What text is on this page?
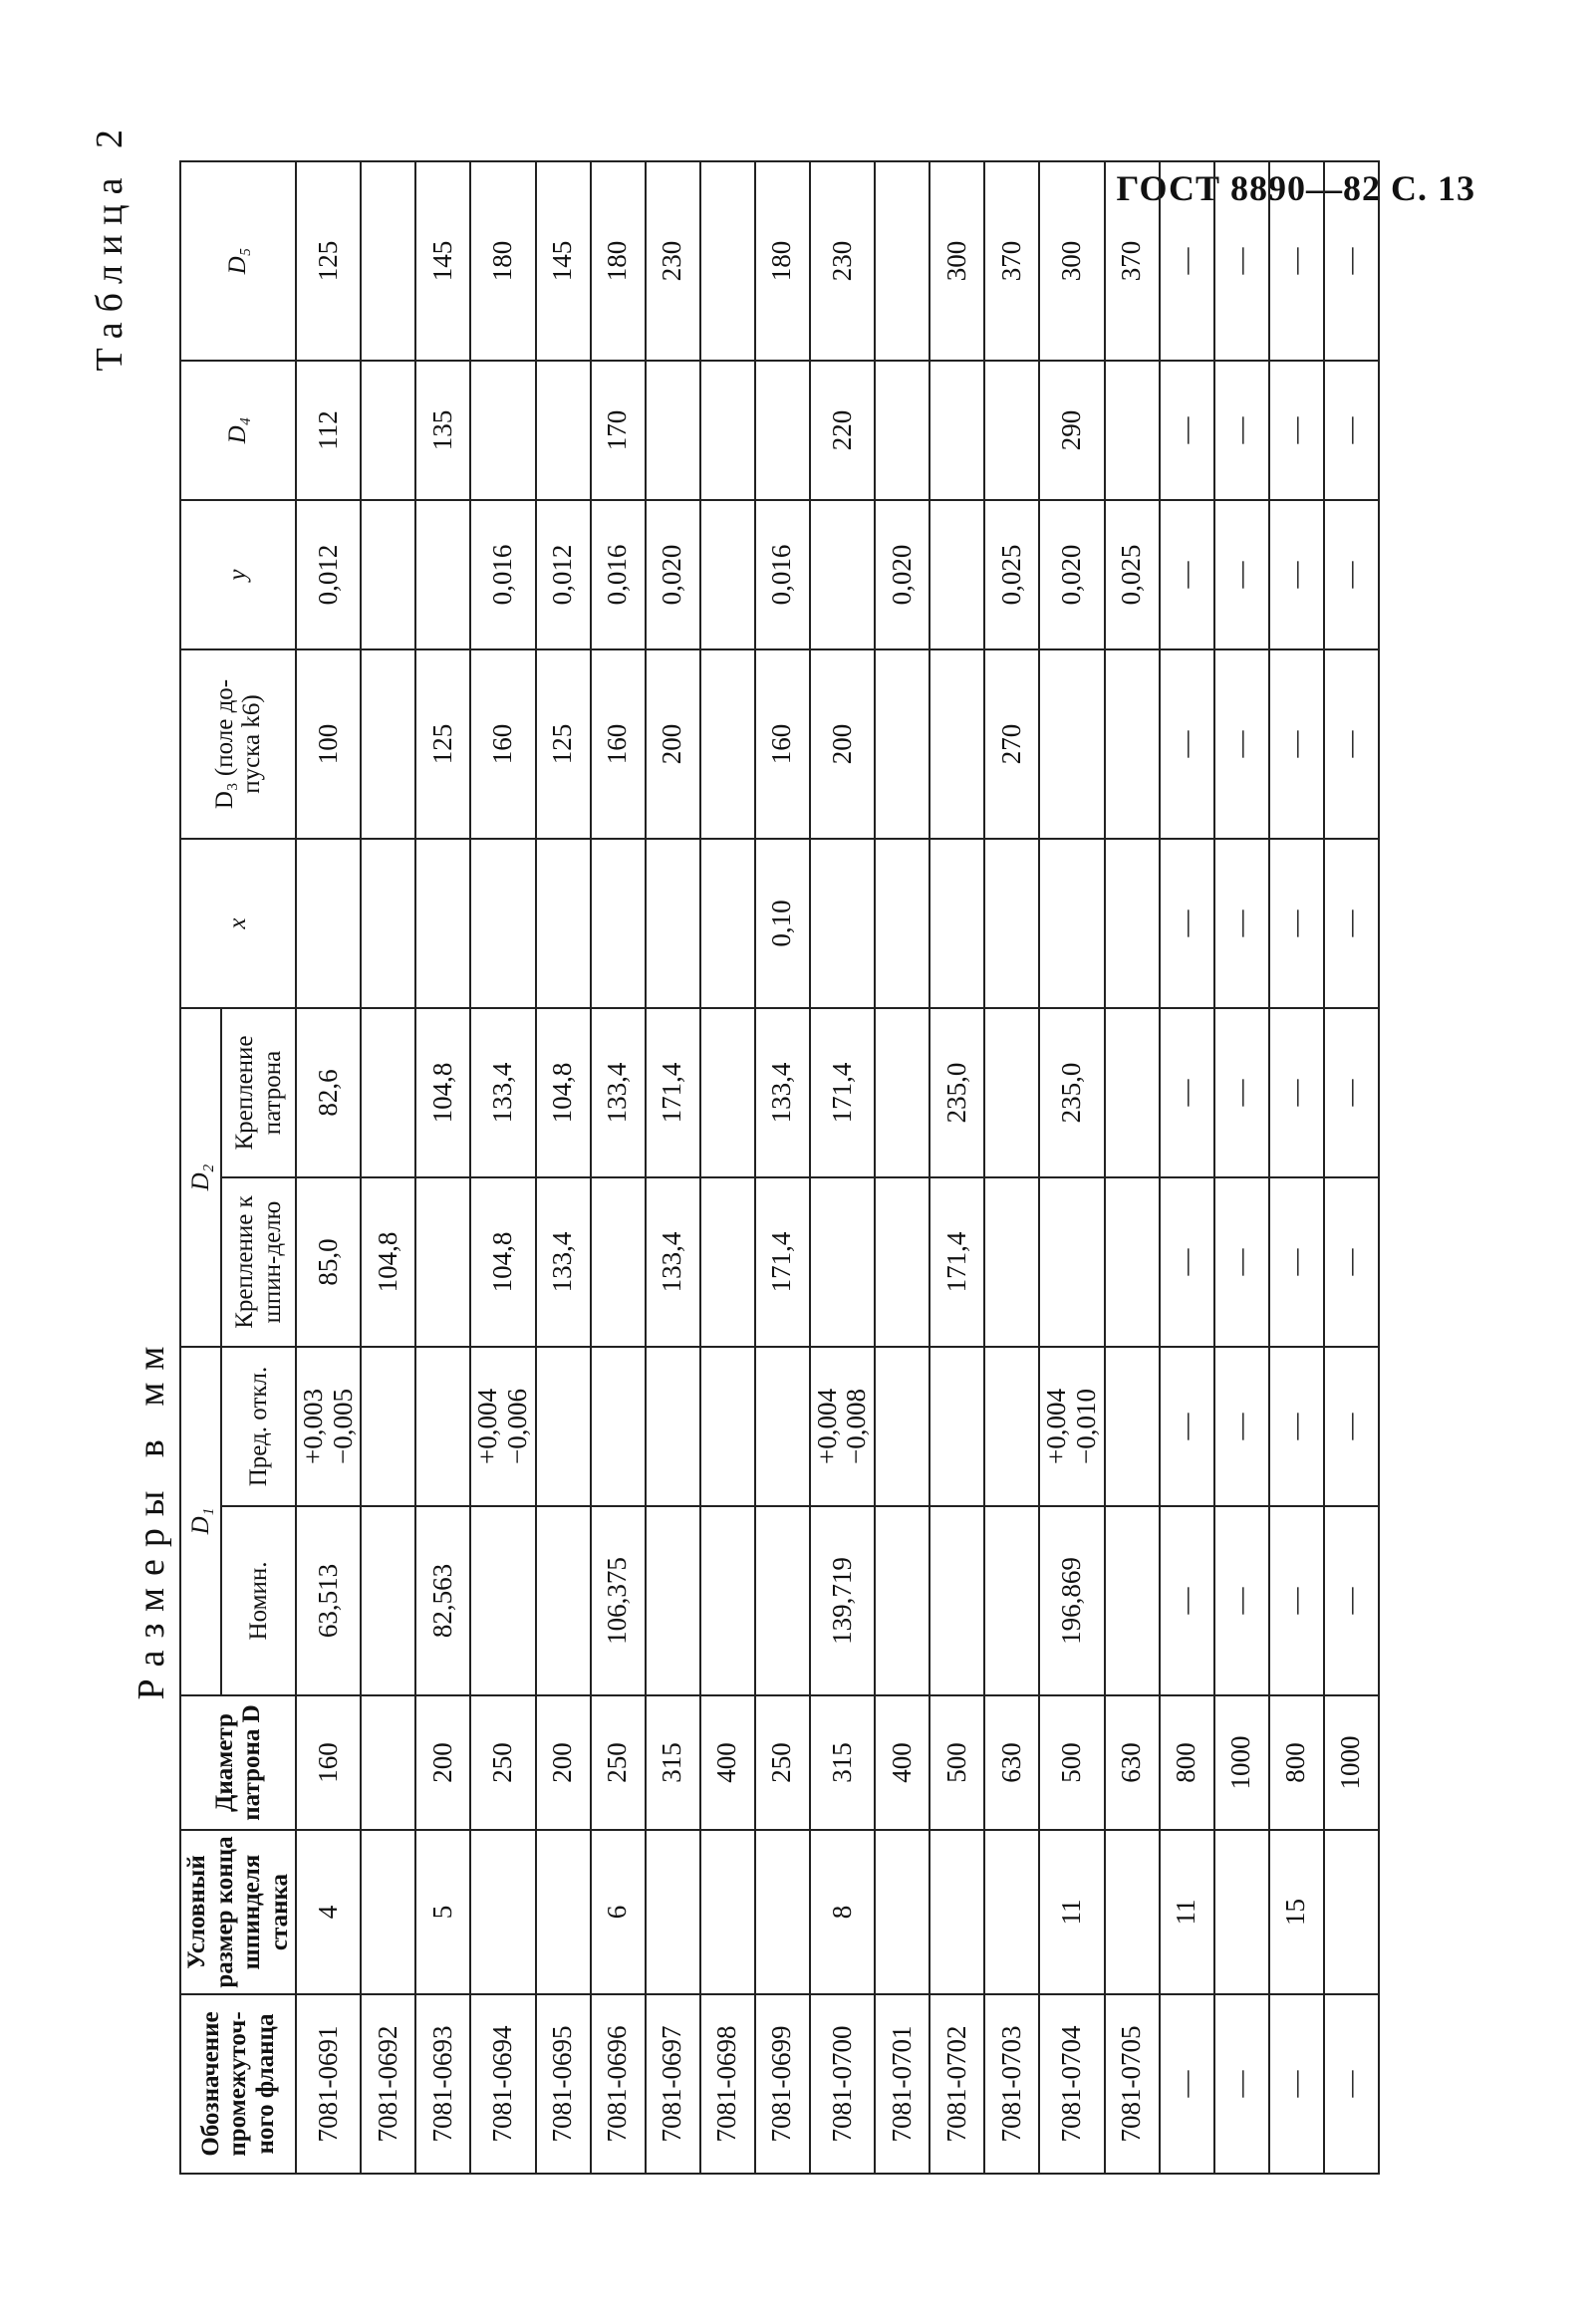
ГОСТ 8890—82 С. 13
Таблица 2
Размеры в мм
Обозначение промежуточ-ного фланца	Условный размер конца шпинделя станка	Диаметр патрона D	D₁		D₂		x	D₃ (поле до-пуска k6)	y	D₄	D₅
			Номин.	Пред. откл.	Крепление к шпин-делю	Крепление патрона					
7081-0691	4	160	63,513	+0,003 −0,005	85,0	82,6		100	0,012	112	125
7081-0692					104,8						
7081-0693	5	200	82,563			104,8		125		135	145
7081-0694		250		+0,004 −0,006	104,8	133,4		160	0,016		180
7081-0695		200			133,4	104,8		125	0,012		145
7081-0696	6	250	106,375			133,4		160	0,016	170	180
7081-0697		315			133,4	171,4		200	0,020		230
7081-0698		400									
7081-0699		250			171,4	133,4	0,10	160	0,016		180
7081-0700	8	315	139,719	+0,004 −0,008		171,4		200		220	230
7081-0701		400							0,020		
7081-0702		500			171,4	235,0					300
7081-0703		630						270	0,025		370
7081-0704	11	500	196,869	+0,004 −0,010		235,0			0,020	290	300
7081-0705		630							0,025		370
—	11	800	—	—	—	—	—	—	—	—	—
—		1000	—	—	—	—	—	—	—	—	—
—	15	800	—	—	—	—	—	—	—	—	—
—		1000	—	—	—	—	—	—	—	—	—
